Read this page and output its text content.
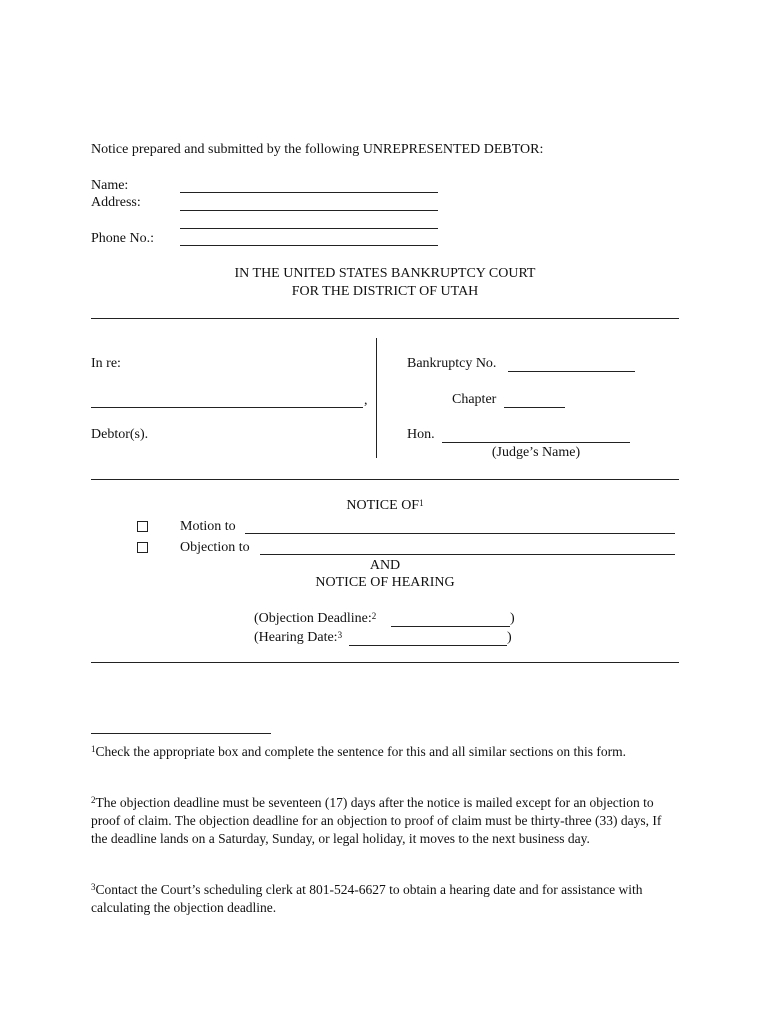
Notice prepared and submitted by the following UNREPRESENTED DEBTOR:
Name:
Address:
Phone No.:
IN THE UNITED STATES BANKRUPTCY COURT
FOR THE DISTRICT OF UTAH
In re:
,
Debtor(s).
Bankruptcy No.
Chapter
Hon.
(Judge’s Name)
NOTICE $OF^1$
Motion to
Objection to
AND
NOTICE OF HEARING
(Objection Deadline:$^2$	)
(Hearing Date:$^3$	)
$^1$Check the appropriate box and complete the sentence for this and all similar sections on this form.
$^2$The objection deadline must be seventeen (17) days after the notice is mailed except for an objection to proof of claim. The objection deadline for an objection to proof of claim must be thirty-three (33) days, If the deadline lands on a Saturday, Sunday, or legal holiday, it moves to the next business day.
$^3$Contact the Court’s scheduling clerk at 801-524-6627 to obtain a hearing date and for assistance with calculating the objection deadline.
